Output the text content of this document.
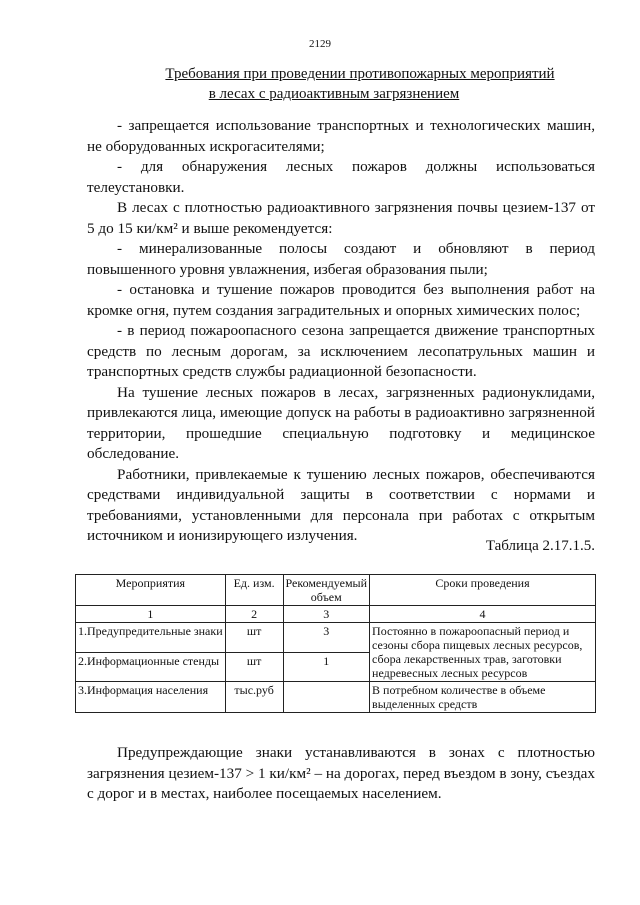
2129
Требования при проведении противопожарных мероприятий
в лесах с радиоактивным загрязнением

- запрещается использование транспортных и технологических машин, не оборудованных искрогасителями;

- для обнаружения лесных пожаров должны использоваться телеустановки.

В лесах с плотностью радиоактивного загрязнения почвы цезием-137 от 5 до 15 ки/км² и выше рекомендуется:

- минерализованные полосы создают и обновляют в период повышенного уровня увлажнения, избегая образования пыли;

- остановка и тушение пожаров проводится без выполнения работ на кромке огня, путем создания заградительных и опорных химических полос;

- в период пожароопасного сезона запрещается движение транспортных средств по лесным дорогам, за исключением лесопатрульных машин и транспортных средств службы радиационной безопасности.

На тушение лесных пожаров в лесах, загрязненных радионуклидами, привлекаются лица, имеющие допуск на работы в радиоактивно загрязненной территории, прошедшие специальную подготовку и медицинское обследование.

Работники, привлекаемые к тушению лесных пожаров, обеспечиваются средствами индивидуальной защиты в соответствии с нормами и требованиями, установленными для персонала при работах с открытым источником и ионизирующего излучения.

Таблица 2.17.1.5.
Мероприятия	Ед. изм.	Рекомендуемый объем	Сроки проведения
1	2	3	4
1.Предупредительные знаки	шт	3	Постоянно в пожароопасный период и сезоны сбора пищевых лесных ресурсов, сбора лекарственных трав, заготовки недревесных лесных ресурсов
2.Информационные стенды	шт	1	
3.Информация населения	тыс.руб		В потребном количестве в объеме выделенных средств

Предупреждающие знаки устанавливаются в зонах с плотностью загрязнения цезием-137 > 1 ки/км² – на дорогах, перед въездом в зону, съездах с дорог и в местах, наиболее посещаемых населением.
